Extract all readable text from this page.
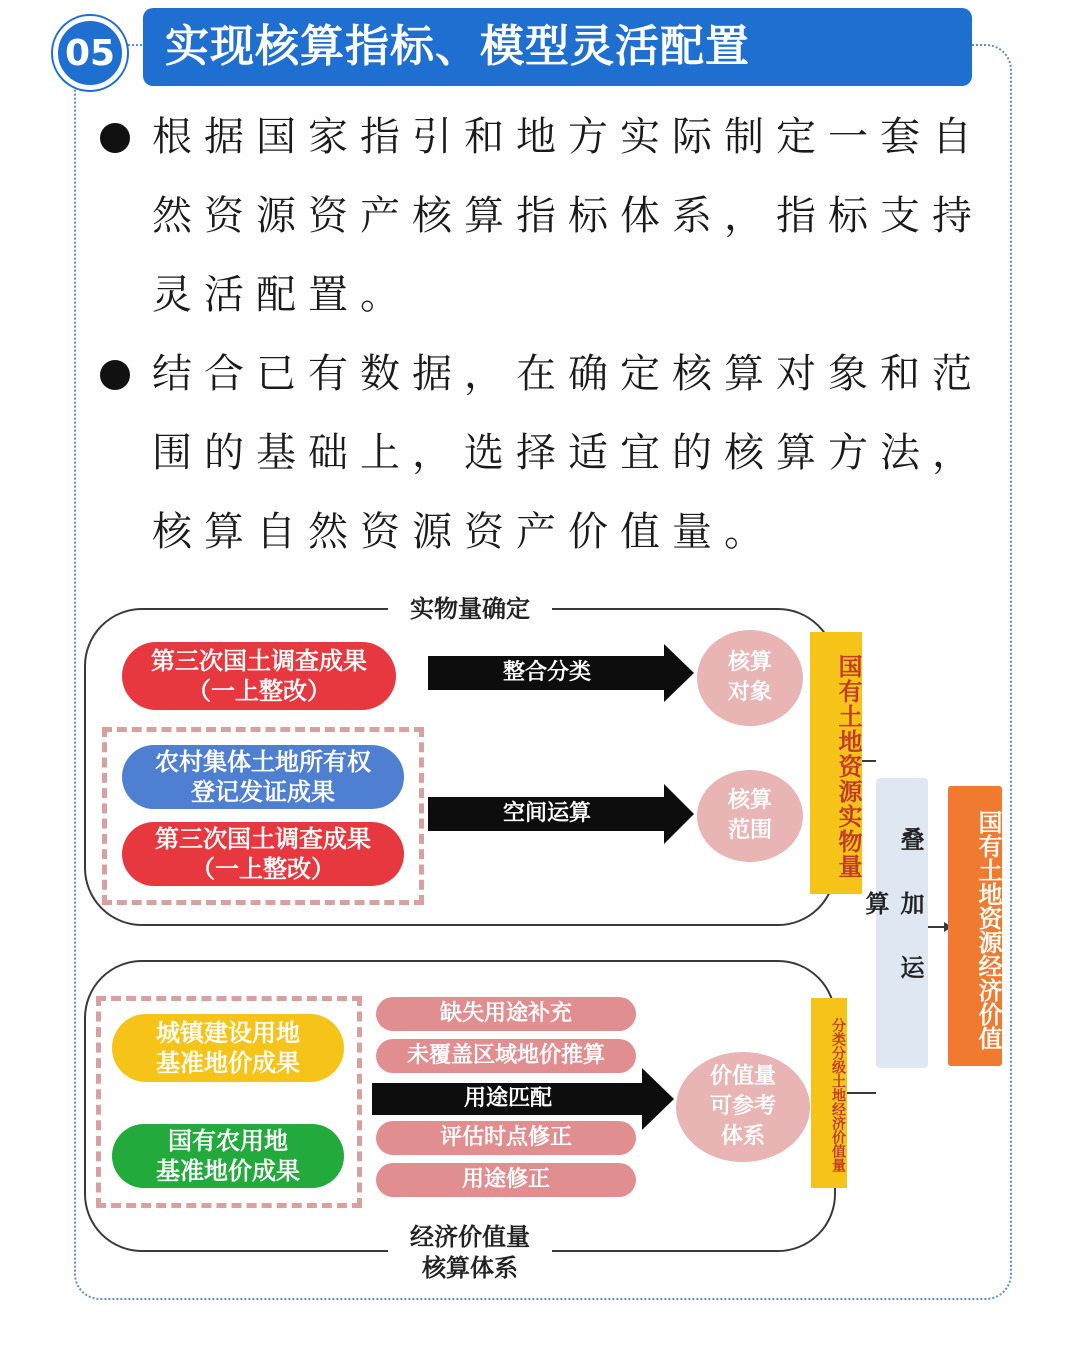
实现核算指标、模型灵活配置
05
根据国家指引和地方实际制定一套自
然资源资产核算指标体系，指标支持
灵活配置。
结合已有数据，在确定核算对象和范
围的基础上，选择适宜的核算方法，
核算自然资源资产价值量。
实物量确定
经济价值量
核算体系
第三次国土调查成果
（一上整改）
农村集体土地所有权
登记发证成果
第三次国土调查成果
（一上整改）
整合分类
空间运算
核算
对象
核算
范围	国有土地资源实物量
城镇建设用地
基准地价成果
国有农用地
基准地价成果
缺失用途补充
未覆盖区域地价推算
评估时点修正
用途修正
用途匹配
价值量
可参考
体系	分类分级土地经济价值量
叠加运算	国有土地资源经济价值
